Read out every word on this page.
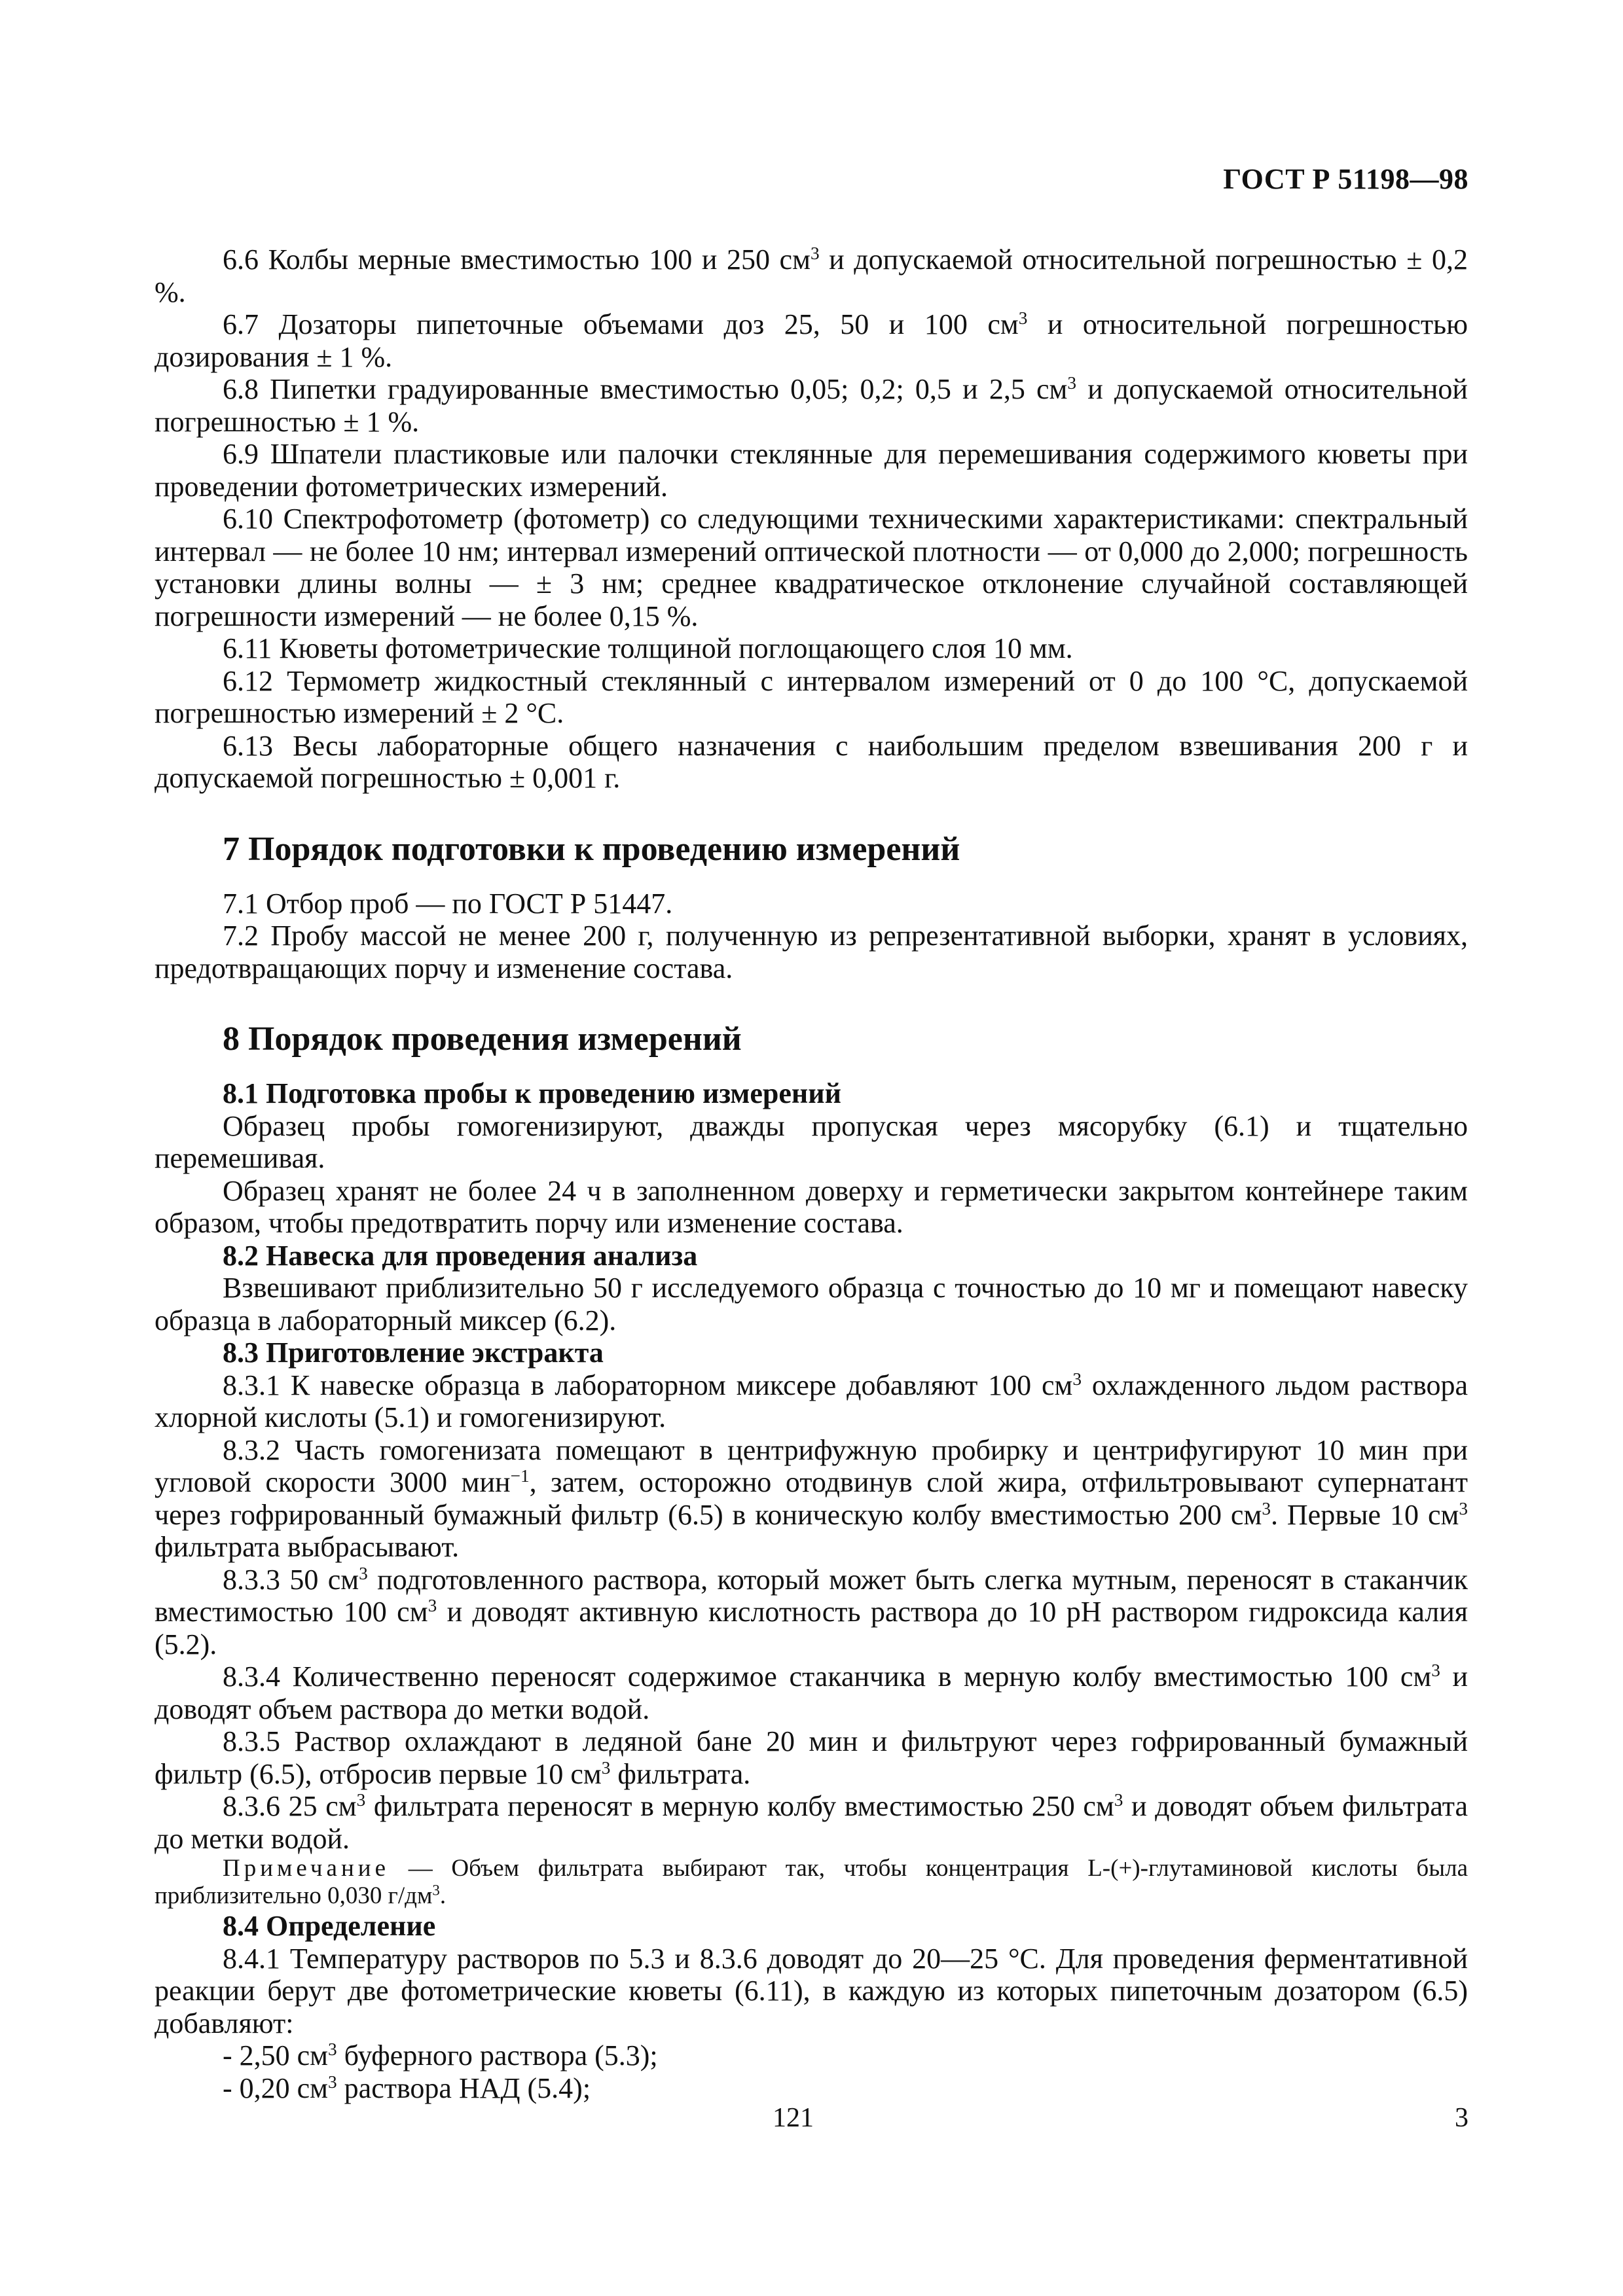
ГОСТ Р 51198—98

6.6 Колбы мерные вместимостью 100 и 250 $см^3$ и допускаемой относительной погрешностью ± 0,2 %.

6.7 Дозаторы пипеточные объемами доз 25, 50 и 100 $см^3$ и относительной погрешностью дозирования ± 1 %.

6.8 Пипетки градуированные вместимостью 0,05; 0,2; 0,5 и 2,5 $см^3$ и допускаемой относительной погрешностью ± 1 %.

6.9 Шпатели пластиковые или палочки стеклянные для перемешивания содержимого кюветы при проведении фотометрических измерений.

6.10 Спектрофотометр (фотометр) со следующими техническими характеристиками: спектральный интервал — не более 10 нм; интервал измерений оптической плотности — от 0,000 до 2,000; погрешность установки длины волны — ± 3 нм; среднее квадратическое отклонение случайной составляющей погрешности измерений — не более 0,15 %.

6.11 Кюветы фотометрические толщиной поглощающего слоя 10 мм.

6.12 Термометр жидкостный стеклянный с интервалом измерений от 0 до 100 °С, допускаемой погрешностью измерений ± 2 °С.

6.13 Весы лабораторные общего назначения с наибольшим пределом взвешивания 200 г и допускаемой погрешностью ± 0,001 г.

7 Порядок подготовки к проведению измерений

7.1 Отбор проб — по ГОСТ Р 51447.

7.2 Пробу массой не менее 200 г, полученную из репрезентативной выборки, хранят в условиях, предотвращающих порчу и изменение состава.

8 Порядок проведения измерений

8.1 Подготовка пробы к проведению измерений

Образец пробы гомогенизируют, дважды пропуская через мясорубку (6.1) и тщательно перемешивая.

Образец хранят не более 24 ч в заполненном доверху и герметически закрытом контейнере таким образом, чтобы предотвратить порчу или изменение состава.

8.2 Навеска для проведения анализа

Взвешивают приблизительно 50 г исследуемого образца с точностью до 10 мг и помещают навеску образца в лабораторный миксер (6.2).

8.3 Приготовление экстракта

8.3.1 К навеске образца в лабораторном миксере добавляют 100 $см^3$ охлажденного льдом раствора хлорной кислоты (5.1) и гомогенизируют.

8.3.2 Часть гомогенизата помещают в центрифужную пробирку и центрифугируют 10 мин при угловой скорости 3000 мин$^{-1}$, затем, осторожно отодвинув слой жира, отфильтровывают супернатант через гофрированный бумажный фильтр (6.5) в коническую колбу вместимостью 200 $см^3$. Первые 10 $см^3$ фильтрата выбрасывают.

8.3.3 50 $см^3$ подготовленного раствора, который может быть слегка мутным, переносят в стаканчик вместимостью 100 $см^3$ и доводят активную кислотность раствора до 10 рН раствором гидроксида калия (5.2).

8.3.4 Количественно переносят содержимое стаканчика в мерную колбу вместимостью 100 $см^3$ и доводят объем раствора до метки водой.

8.3.5 Раствор охлаждают в ледяной бане 20 мин и фильтруют через гофрированный бумажный фильтр (6.5), отбросив первые 10 $см^3$ фильтрата.

8.3.6 25 $см^3$ фильтрата переносят в мерную колбу вместимостью 250 $см^3$ и доводят объем фильтрата до метки водой.

Примечание — Объем фильтрата выбирают так, чтобы концентрация L-(+)-глутаминовой кислоты была приблизительно 0,030 $г/дм^3$.

8.4 Определение

8.4.1 Температуру растворов по 5.3 и 8.3.6 доводят до 20—25 °С. Для проведения ферментативной реакции берут две фотометрические кюветы (6.11), в каждую из которых пипеточным дозатором (6.5) добавляют:

- 2,50 $см^3$ буферного раствора (5.3);

- 0,20 $см^3$ раствора НАД (5.4);

121	3
